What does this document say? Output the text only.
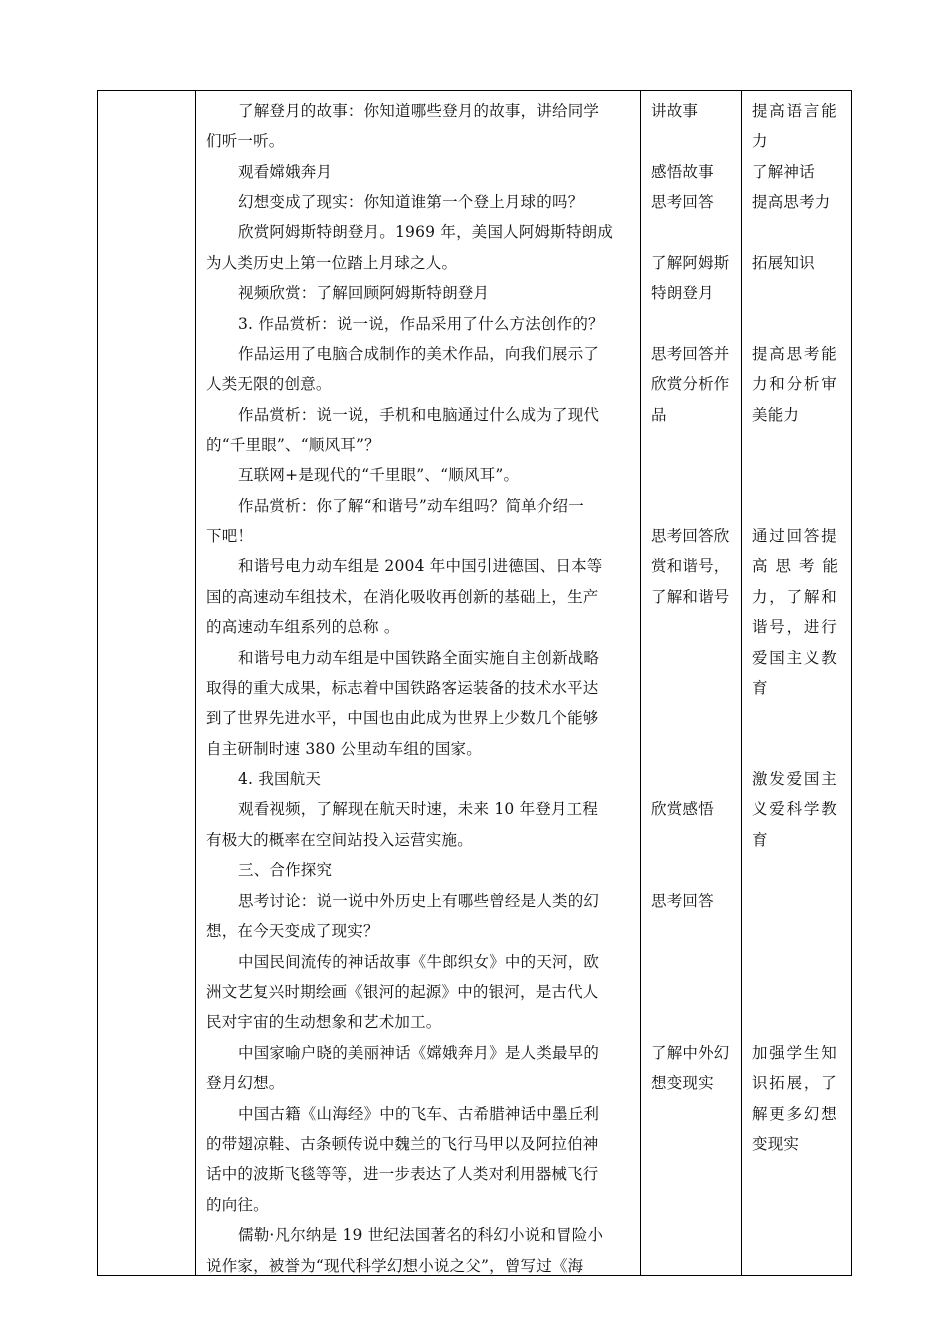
了解登月的故事：你知道哪些登月的故事，讲给同学
们听一听。
观看嫦娥奔月
幻想变成了现实：你知道谁第一个登上月球的吗？
欣赏阿姆斯特朗登月。1969 年，美国人阿姆斯特朗成
为人类历史上第一位踏上月球之人。
视频欣赏：了解回顾阿姆斯特朗登月
3. 作品赏析：说一说，作品采用了什么方法创作的？
作品运用了电脑合成制作的美术作品，向我们展示了
人类无限的创意。
作品赏析：说一说，手机和电脑通过什么成为了现代
的“千里眼”、“顺风耳”？
互联网+是现代的“千里眼”、“顺风耳”。
作品赏析：你了解“和谐号”动车组吗？简单介绍一
下吧！
和谐号电力动车组是 2004 年中国引进德国、日本等
国的高速动车组技术，在消化吸收再创新的基础上，生产
的高速动车组系列的总称 。
和谐号电力动车组是中国铁路全面实施自主创新战略
取得的重大成果，标志着中国铁路客运装备的技术水平达
到了世界先进水平，中国也由此成为世界上少数几个能够
自主研制时速 380 公里动车组的国家。
4. 我国航天
观看视频，了解现在航天时速，未来 10 年登月工程
有极大的概率在空间站投入运营实施。
三、合作探究
思考讨论：说一说中外历史上有哪些曾经是人类的幻
想，在今天变成了现实？
中国民间流传的神话故事《牛郎织女》中的天河，欧
洲文艺复兴时期绘画《银河的起源》中的银河，是古代人
民对宇宙的生动想象和艺术加工。
中国家喻户晓的美丽神话《嫦娥奔月》是人类最早的
登月幻想。
中国古籍《山海经》中的飞车、古希腊神话中墨丘利
的带翅凉鞋、古条顿传说中魏兰的飞行马甲以及阿拉伯神
话中的波斯飞毯等等，进一步表达了人类对利用器械飞行
的向往。
儒勒·凡尔纳是 19 世纪法国著名的科幻小说和冒险小
说作家，被誉为“现代科学幻想小说之父”，曾写过《海
讲故事
感悟故事
思考回答
了解阿姆斯
特朗登月
思考回答并
欣赏分析作
品
思考回答欣
赏和谐号，
了解和谐号
欣赏感悟
思考回答
了解中外幻
想变现实
提高语言能
力
了解神话
提高思考力
拓展知识
提高思考能
力和分析审
美能力
通过回答提
高思考能
力，了解和
谐号，进行
爱国主义教
育
激发爱国主
义爱科学教
育
加强学生知
识拓展，了
解更多幻想
变现实
